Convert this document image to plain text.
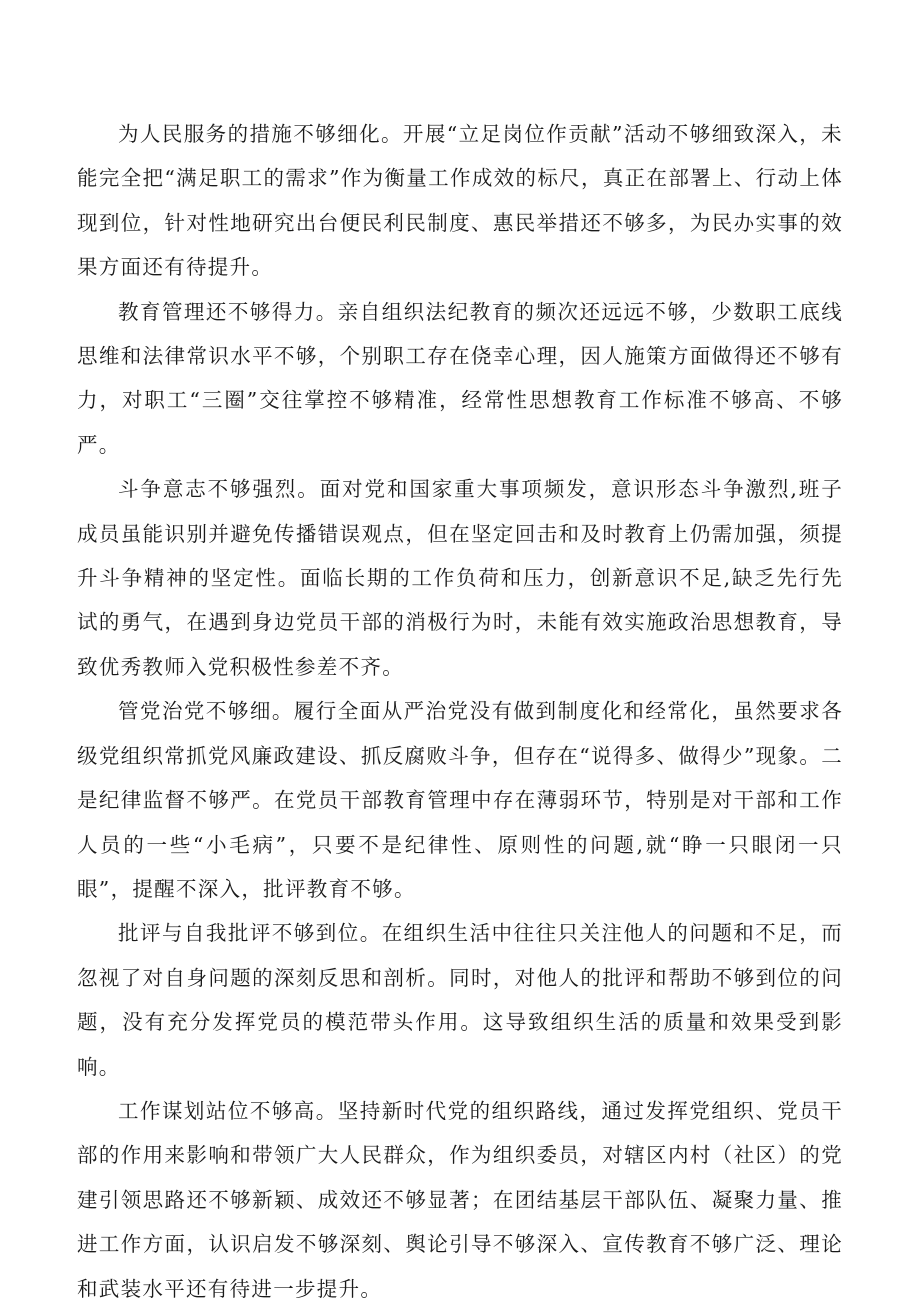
为人民服务的措施不够细化。开展“立足岗位作贡献”活动不够细致深入，未能完全把“满足职工的需求”作为衡量工作成效的标尺，真正在部署上、行动上体现到位，针对性地研究出台便民利民制度、惠民举措还不够多，为民办实事的效果方面还有待提升。

教育管理还不够得力。亲自组织法纪教育的频次还远远不够，少数职工底线思维和法律常识水平不够，个别职工存在侥幸心理，因人施策方面做得还不够有力，对职工“三圈”交往掌控不够精准，经常性思想教育工作标准不够高、不够严。

斗争意志不够强烈。面对党和国家重大事项频发，意识形态斗争激烈,班子成员虽能识别并避免传播错误观点，但在坚定回击和及时教育上仍需加强，须提升斗争精神的坚定性。面临长期的工作负荷和压力，创新意识不足,缺乏先行先试的勇气，在遇到身边党员干部的消极行为时，未能有效实施政治思想教育，导致优秀教师入党积极性参差不齐。

管党治党不够细。履行全面从严治党没有做到制度化和经常化，虽然要求各级党组织常抓党风廉政建设、抓反腐败斗争，但存在“说得多、做得少”现象。二是纪律监督不够严。在党员干部教育管理中存在薄弱环节，特别是对干部和工作人员的一些“小毛病”，只要不是纪律性、原则性的问题,就“睁一只眼闭一只眼”，提醒不深入，批评教育不够。

批评与自我批评不够到位。在组织生活中往往只关注他人的问题和不足，而忽视了对自身问题的深刻反思和剖析。同时，对他人的批评和帮助不够到位的问题，没有充分发挥党员的模范带头作用。这导致组织生活的质量和效果受到影响。

工作谋划站位不够高。坚持新时代党的组织路线，通过发挥党组织、党员干部的作用来影响和带领广大人民群众，作为组织委员，对辖区内村（社区）的党建引领思路还不够新颖、成效还不够显著；在团结基层干部队伍、凝聚力量、推进工作方面，认识启发不够深刻、舆论引导不够深入、宣传教育不够广泛、理论和武装水平还有待进一步提升。
